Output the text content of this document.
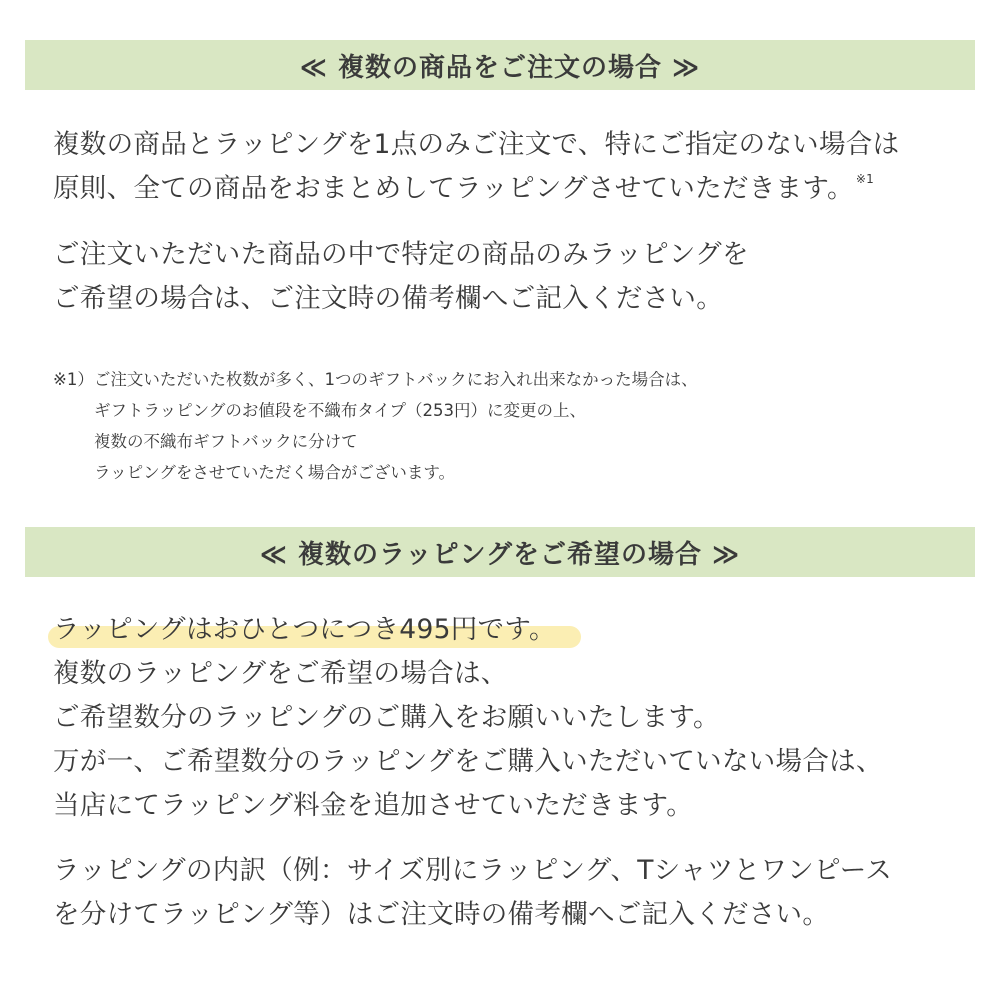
≪ 複数の商品をご注文の場合 ≫
複数の商品とラッピングを1点のみご注文で、特にご指定のない場合は
原則、全ての商品をおまとめしてラッピングさせていただきます。 $^{※1}$
ご注文いただいた商品の中で特定の商品のみラッピングを
ご希望の場合は、ご注文時の備考欄へご記入ください。
※1）ご注文いただいた枚数が多く、1つのギフトバックにお入れ出来なかった場合は、
ギフトラッピングのお値段を不織布タイプ（253円）に変更の上、
複数の不織布ギフトバックに分けて
ラッピングをさせていただく場合がございます。
≪ 複数のラッピングをご希望の場合 ≫
ラッピングはおひとつにつき495円です。
複数のラッピングをご希望の場合は、
ご希望数分のラッピングのご購入をお願いいたします。
万が一、ご希望数分のラッピングをご購入いただいていない場合は、
当店にてラッピング料金を追加させていただきます。
ラッピングの内訳（例：サイズ別にラッピング、Tシャツとワンピース
を分けてラッピング等）はご注文時の備考欄へご記入ください。
